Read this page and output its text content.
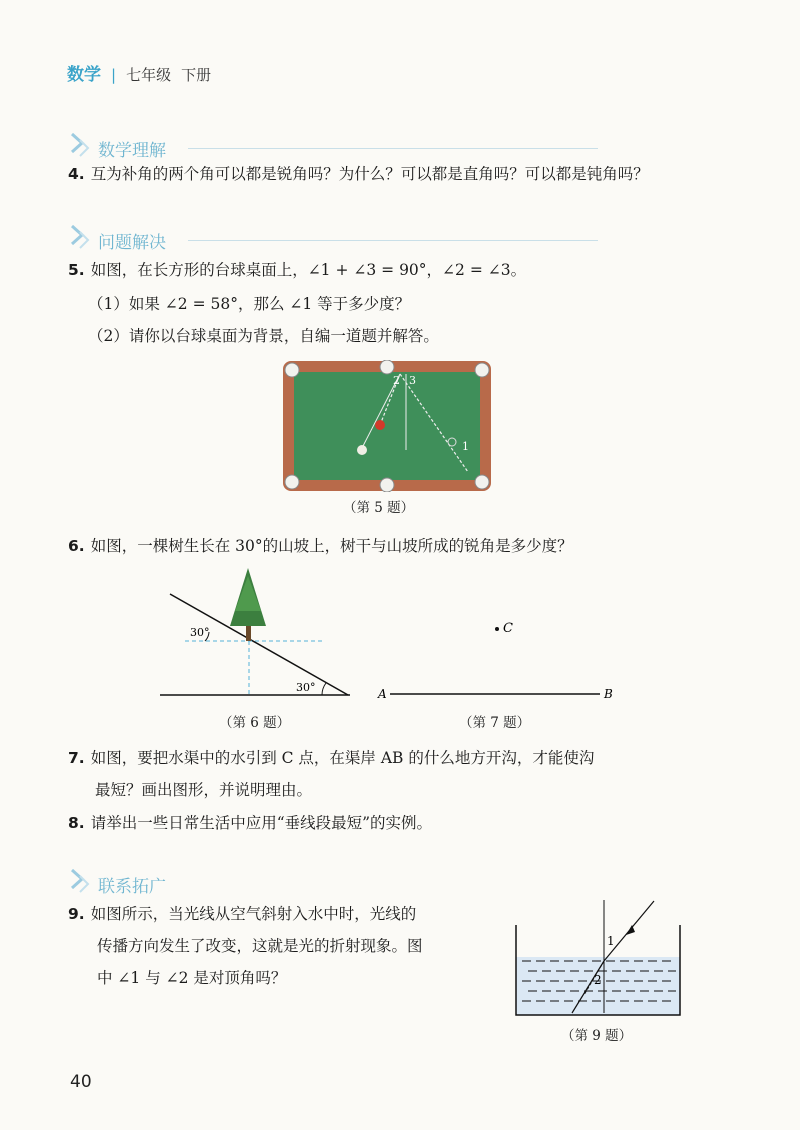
数学 | 七年级 下册
数学理解
4. 互为补角的两个角可以都是锐角吗？为什么？可以都是直角吗？可以都是钝角吗？
问题解决
5. 如图，在长方形的台球桌面上，∠1 + ∠3 = 90°，∠2 = ∠3。
（1）如果 ∠2 = 58°，那么 ∠1 等于多少度？
（2）请你以台球桌面为背景，自编一道题并解答。
2 3
1
（第 5 题）
6. 如图，一棵树生长在 30°的山坡上，树干与山坡所成的锐角是多少度？
30°
30°
（第 6 题）
C
A	B
（第 7 题）
7. 如图，要把水渠中的水引到 C 点，在渠岸 AB 的什么地方开沟，才能使沟
最短？画出图形，并说明理由。
8. 请举出一些日常生活中应用“垂线段最短”的实例。
联系拓广
9. 如图所示，当光线从空气斜射入水中时，光线的
传播方向发生了改变，这就是光的折射现象。图
中 ∠1 与 ∠2 是对顶角吗？
1
2
（第 9 题）
40
